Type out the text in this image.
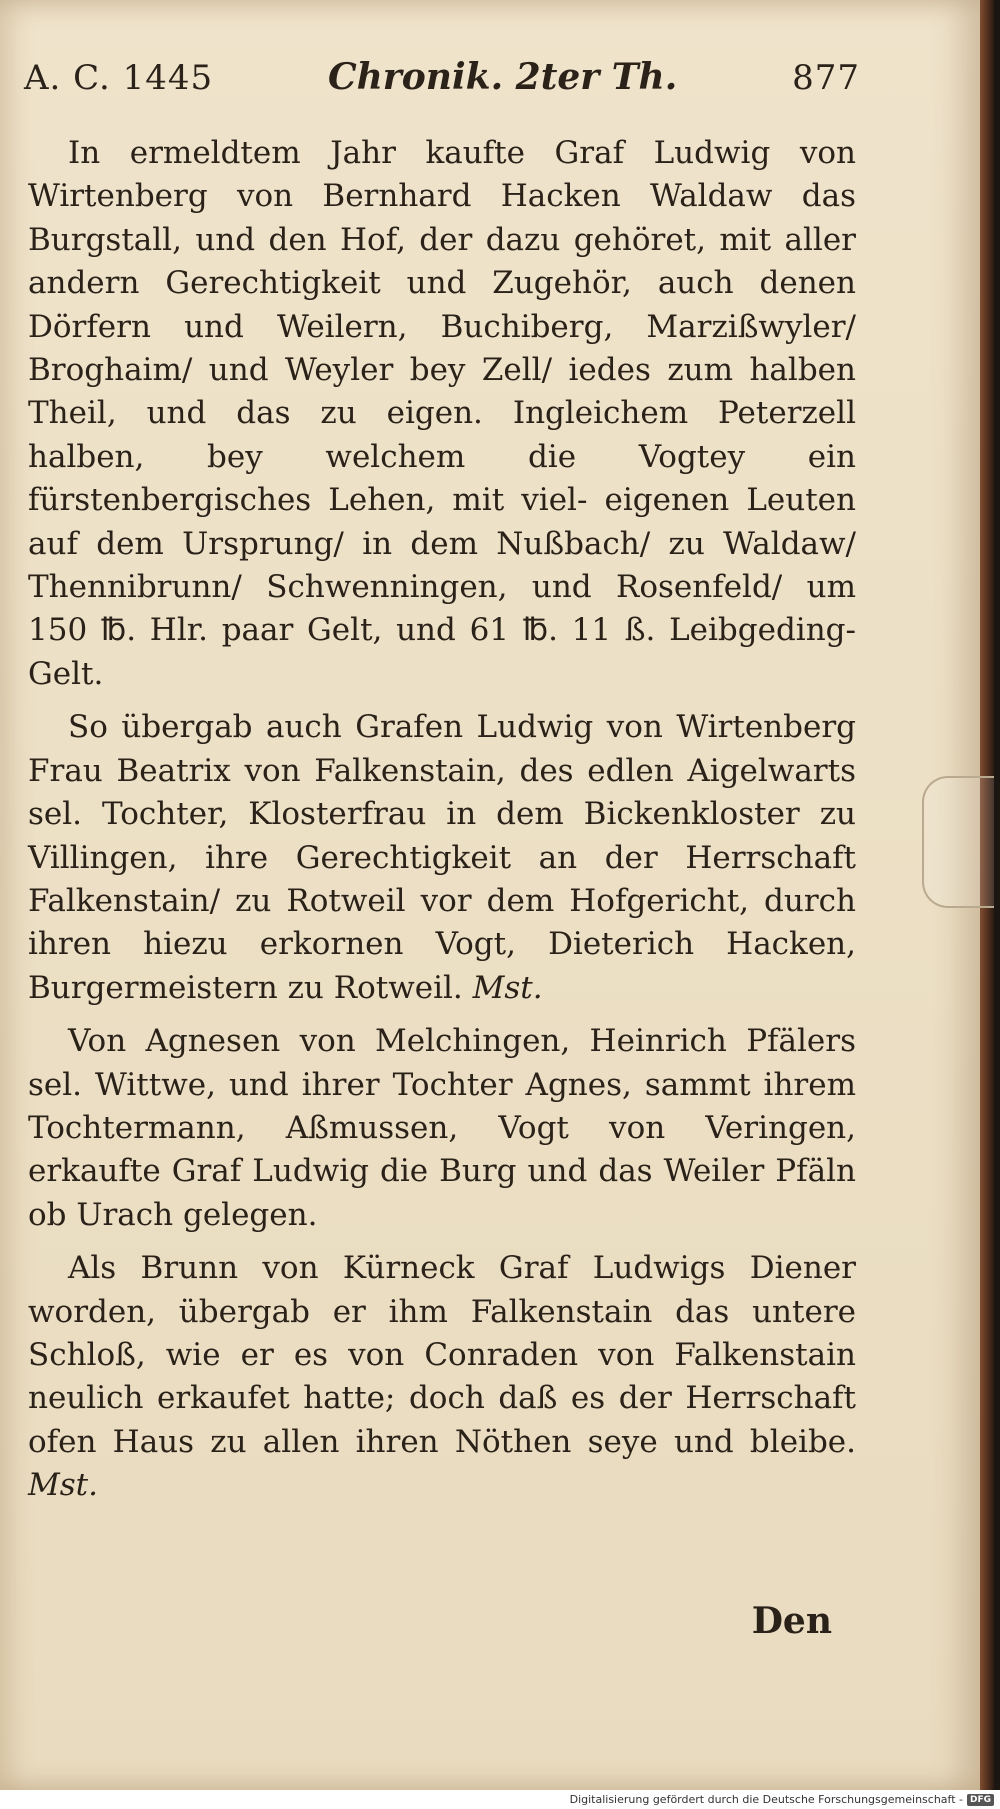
A. C. 1445	Chronik. 2ter Th.	877

In ermeldtem Jahr kaufte Graf Ludwig von Wirtenberg von Bernhard Hacken Waldaw das Burgstall, und den Hof, der dazu gehöret, mit aller andern Gerechtigkeit und Zugehör, auch denen Dörfern und Weilern, Buchiberg, Marzißwyler/ Broghaim/ und Weyler bey Zell/ iedes zum halben Theil, und das zu eigen. Ingleichem Peterzell halben, bey welchem die Vogtey ein fürstenbergisches Lehen, mit viel- eigenen Leuten auf dem Ursprung/ in dem Nußbach/ zu Waldaw/ Thennibrunn/ Schwenningen, und Rosenfeld/ um 150 ℔. Hlr. paar Gelt, und 61 ℔. 11 ß. Leibgeding-Gelt.

So übergab auch Grafen Ludwig von Wirtenberg Frau Beatrix von Falkenstain, des edlen Aigelwarts sel. Tochter, Klosterfrau in dem Bickenkloster zu Villingen, ihre Gerechtigkeit an der Herrschaft Falkenstain/ zu Rotweil vor dem Hofgericht, durch ihren hiezu erkornen Vogt, Dieterich Hacken, Burgermeistern zu Rotweil. Mst.

Von Agnesen von Melchingen, Heinrich Pfälers sel. Wittwe, und ihrer Tochter Agnes, sammt ihrem Tochtermann, Aßmussen, Vogt von Veringen, erkaufte Graf Ludwig die Burg und das Weiler Pfäln ob Urach gelegen.

Als Brunn von Kürneck Graf Ludwigs Diener worden, übergab er ihm Falkenstain das untere Schloß, wie er es von Conraden von Falkenstain neulich erkaufet hatte; doch daß es der Herrschaft ofen Haus zu allen ihren Nöthen seye und bleibe. Mst.

Den
Digitalisierung gefördert durch die Deutsche Forschungsgemeinschaft - DFG
